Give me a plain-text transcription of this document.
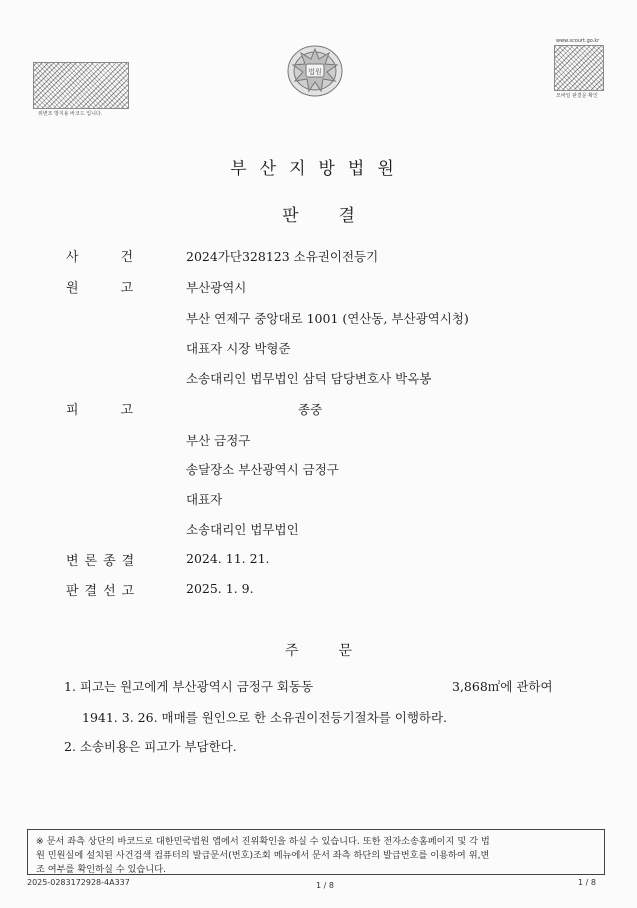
위변조 방지용 바코드 입니다.
법원
www.scourt.go.kr
모바일 판결문 확인
부산지방법원
판결
사건 2024가단328123 소유권이전등기
원고 부산광역시
부산 연제구 중앙대로 1001 (연산동, 부산광역시청)
대표자 시장 박형준
소송대리인 법무법인 삼덕 담당변호사 박옥봉
피고	종중
부산 금정구
송달장소 부산광역시 금정구
대표자
소송대리인 법무법인
변론종결	2024. 11. 21.
판결선고	2025. 1. 9.
주문
1. 피고는 원고에게 부산광역시 금정구 회동동	3,868㎡에 관하여
1941. 3. 26. 매매를 원인으로 한 소유권이전등기절차를 이행하라.
2. 소송비용은 피고가 부담한다.
※ 문서 좌측 상단의 바코드로 대한민국법원 앱에서 진위확인을 하실 수 있습니다. 또한 전자소송홈페이지 및 각 법
원 민원실에 설치된 사건검색 컴퓨터의 발급문서(번호)조회 메뉴에서 문서 좌측 하단의 발급번호를 이용하여 위,변
조 여부를 확인하실 수 있습니다.
2025-0283172928-4A337	1 / 8	1 / 8
